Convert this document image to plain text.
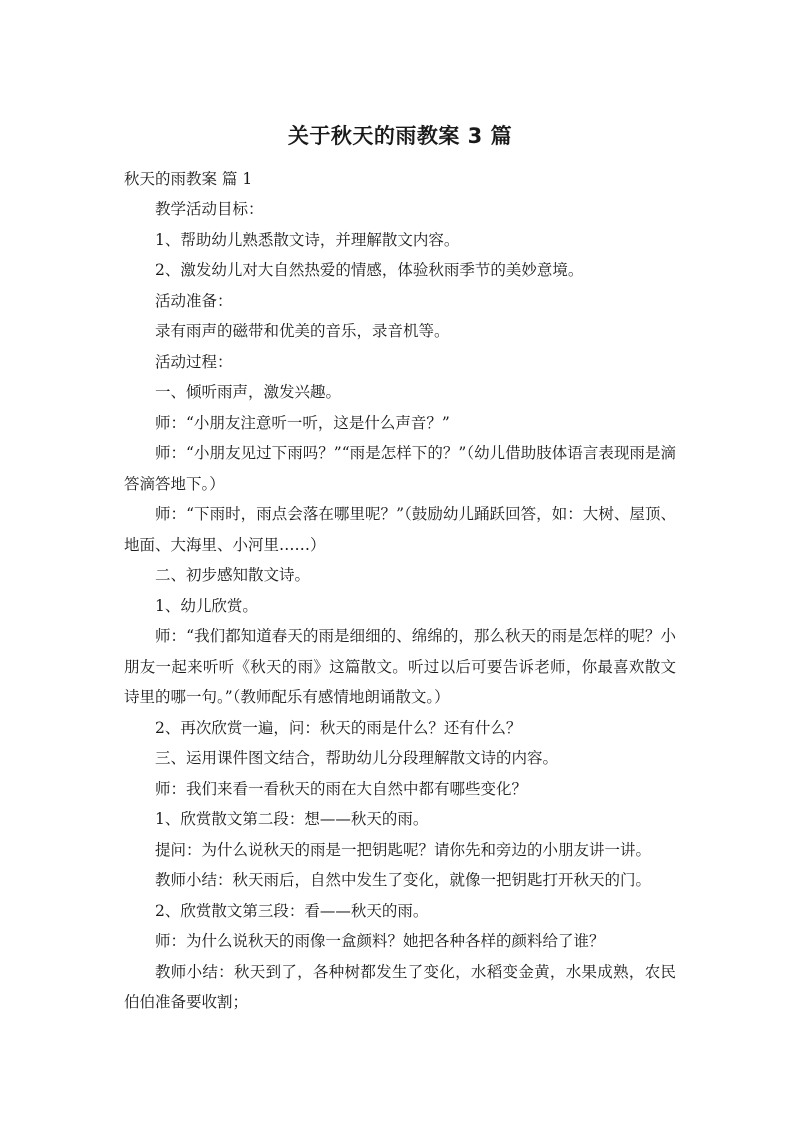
关于秋天的雨教案 3 篇

秋天的雨教案 篇 1

教学活动目标：

1、帮助幼儿熟悉散文诗，并理解散文内容。

2、激发幼儿对大自然热爱的情感，体验秋雨季节的美妙意境。

活动准备：

录有雨声的磁带和优美的音乐，录音机等。

活动过程：

一、倾听雨声，激发兴趣。

师：“小朋友注意听一听，这是什么声音？”

师：“小朋友见过下雨吗？”“雨是怎样下的？”（幼儿借助肢体语言表现雨是滴答滴答地下。）

师：“下雨时，雨点会落在哪里呢？”（鼓励幼儿踊跃回答，如：大树、屋顶、地面、大海里、小河里……）

二、初步感知散文诗。

1、幼儿欣赏。

师：“我们都知道春天的雨是细细的、绵绵的，那么秋天的雨是怎样的呢？小朋友一起来听听《秋天的雨》这篇散文。听过以后可要告诉老师，你最喜欢散文诗里的哪一句。”（教师配乐有感情地朗诵散文。）

2、再次欣赏一遍，问：秋天的雨是什么？还有什么？

三、运用课件图文结合，帮助幼儿分段理解散文诗的内容。

师：我们来看一看秋天的雨在大自然中都有哪些变化？

1、欣赏散文第二段：想——秋天的雨。

提问：为什么说秋天的雨是一把钥匙呢？请你先和旁边的小朋友讲一讲。

教师小结：秋天雨后，自然中发生了变化，就像一把钥匙打开秋天的门。

2、欣赏散文第三段：看——秋天的雨。

师：为什么说秋天的雨像一盒颜料？她把各种各样的颜料给了谁？

教师小结：秋天到了，各种树都发生了变化，水稻变金黄，水果成熟，农民伯伯准备要收割；
